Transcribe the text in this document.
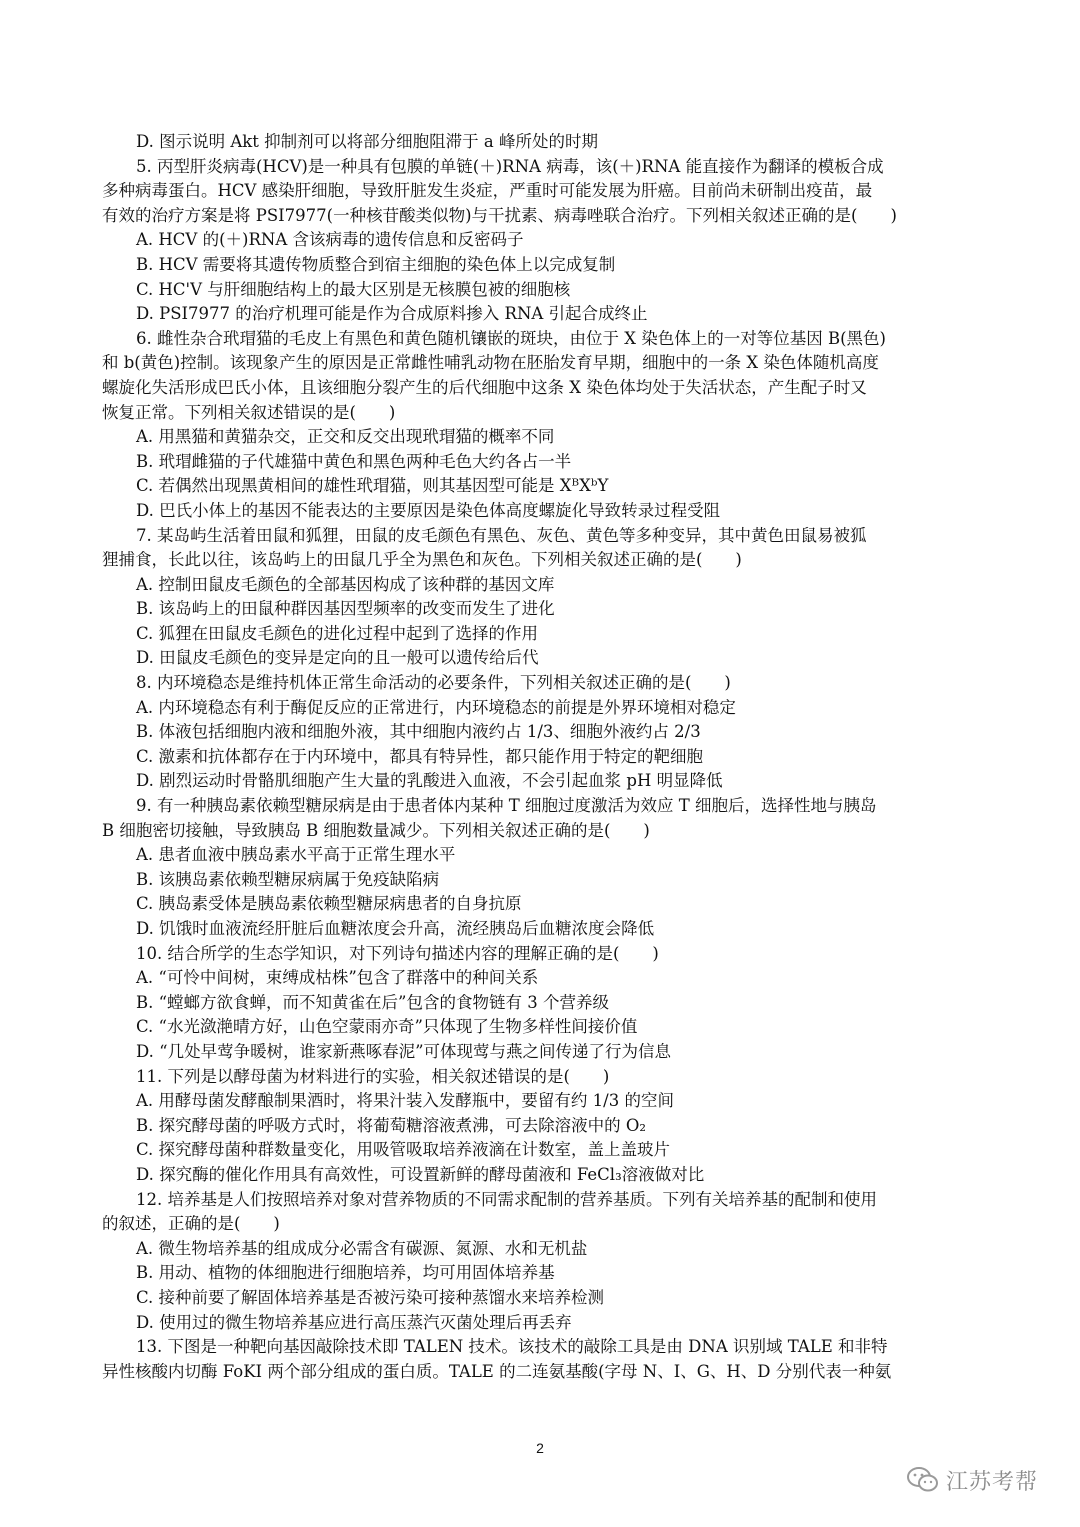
D. 图示说明 Akt 抑制剂可以将部分细胞阻滞于 a 峰所处的时期
5. 丙型肝炎病毒(HCV)是一种具有包膜的单链(＋)RNA 病毒，该(＋)RNA 能直接作为翻译的模板合成
多种病毒蛋白。HCV 感染肝细胞，导致肝脏发生炎症，严重时可能发展为肝癌。目前尚未研制出疫苗，最
有效的治疗方案是将 PSI7977(一种核苷酸类似物)与干扰素、病毒唑联合治疗。下列相关叙述正确的是(　　)
A. HCV 的(＋)RNA 含该病毒的遗传信息和反密码子
B. HCV 需要将其遗传物质整合到宿主细胞的染色体上以完成复制
C. HC'V 与肝细胞结构上的最大区别是无核膜包被的细胞核
D. PSI7977 的治疗机理可能是作为合成原料掺入 RNA 引起合成终止
6. 雌性杂合玳瑁猫的毛皮上有黑色和黄色随机镶嵌的斑块，由位于 X 染色体上的一对等位基因 B(黑色)
和 b(黄色)控制。该现象产生的原因是正常雌性哺乳动物在胚胎发育早期，细胞中的一条 X 染色体随机高度
螺旋化失活形成巴氏小体，且该细胞分裂产生的后代细胞中这条 X 染色体均处于失活状态，产生配子时又
恢复正常。下列相关叙述错误的是(　　)
A. 用黑猫和黄猫杂交，正交和反交出现玳瑁猫的概率不同
B. 玳瑁雌猫的子代雄猫中黄色和黑色两种毛色大约各占一半
C. 若偶然出现黑黄相间的雄性玳瑁猫，则其基因型可能是 XᴮXᵇY
D. 巴氏小体上的基因不能表达的主要原因是染色体高度螺旋化导致转录过程受阻
7. 某岛屿生活着田鼠和狐狸，田鼠的皮毛颜色有黑色、灰色、黄色等多种变异，其中黄色田鼠易被狐
狸捕食，长此以往，该岛屿上的田鼠几乎全为黑色和灰色。下列相关叙述正确的是(　　)
A. 控制田鼠皮毛颜色的全部基因构成了该种群的基因文库
B. 该岛屿上的田鼠种群因基因型频率的改变而发生了进化
C. 狐狸在田鼠皮毛颜色的进化过程中起到了选择的作用
D. 田鼠皮毛颜色的变异是定向的且一般可以遗传给后代
8. 内环境稳态是维持机体正常生命活动的必要条件，下列相关叙述正确的是(　　)
A. 内环境稳态有利于酶促反应的正常进行，内环境稳态的前提是外界环境相对稳定
B. 体液包括细胞内液和细胞外液，其中细胞内液约占 1/3、细胞外液约占 2/3
C. 激素和抗体都存在于内环境中，都具有特异性，都只能作用于特定的靶细胞
D. 剧烈运动时骨骼肌细胞产生大量的乳酸进入血液，不会引起血浆 pH 明显降低
9. 有一种胰岛素依赖型糖尿病是由于患者体内某种 T 细胞过度激活为效应 T 细胞后，选择性地与胰岛
B 细胞密切接触，导致胰岛 B 细胞数量减少。下列相关叙述正确的是(　　)
A. 患者血液中胰岛素水平高于正常生理水平
B. 该胰岛素依赖型糖尿病属于免疫缺陷病
C. 胰岛素受体是胰岛素依赖型糖尿病患者的自身抗原
D. 饥饿时血液流经肝脏后血糖浓度会升高，流经胰岛后血糖浓度会降低
10. 结合所学的生态学知识，对下列诗句描述内容的理解正确的是(　　)
A. “可怜中间树，束缚成枯株”包含了群落中的种间关系
B. “螳螂方欲食蝉，而不知黄雀在后”包含的食物链有 3 个营养级
C. “水光潋滟晴方好，山色空蒙雨亦奇”只体现了生物多样性间接价值
D. “几处早莺争暖树，谁家新燕啄春泥”可体现莺与燕之间传递了行为信息
11. 下列是以酵母菌为材料进行的实验，相关叙述错误的是(　　)
A. 用酵母菌发酵酿制果酒时，将果汁装入发酵瓶中，要留有约 1/3 的空间
B. 探究酵母菌的呼吸方式时，将葡萄糖溶液煮沸，可去除溶液中的 O₂
C. 探究酵母菌种群数量变化，用吸管吸取培养液滴在计数室，盖上盖玻片
D. 探究酶的催化作用具有高效性，可设置新鲜的酵母菌液和 FeCl₃溶液做对比
12. 培养基是人们按照培养对象对营养物质的不同需求配制的营养基质。下列有关培养基的配制和使用
的叙述，正确的是(　　)
A. 微生物培养基的组成成分必需含有碳源、氮源、水和无机盐
B. 用动、植物的体细胞进行细胞培养，均可用固体培养基
C. 接种前要了解固体培养基是否被污染可接种蒸馏水来培养检测
D. 使用过的微生物培养基应进行高压蒸汽灭菌处理后再丢弃
13. 下图是一种靶向基因敲除技术即 TALEN 技术。该技术的敲除工具是由 DNA 识别域 TALE 和非特
异性核酸内切酶 FoKI 两个部分组成的蛋白质。TALE 的二连氨基酸(字母 N、I、G、H、D 分别代表一种氨
2
江苏考帮
